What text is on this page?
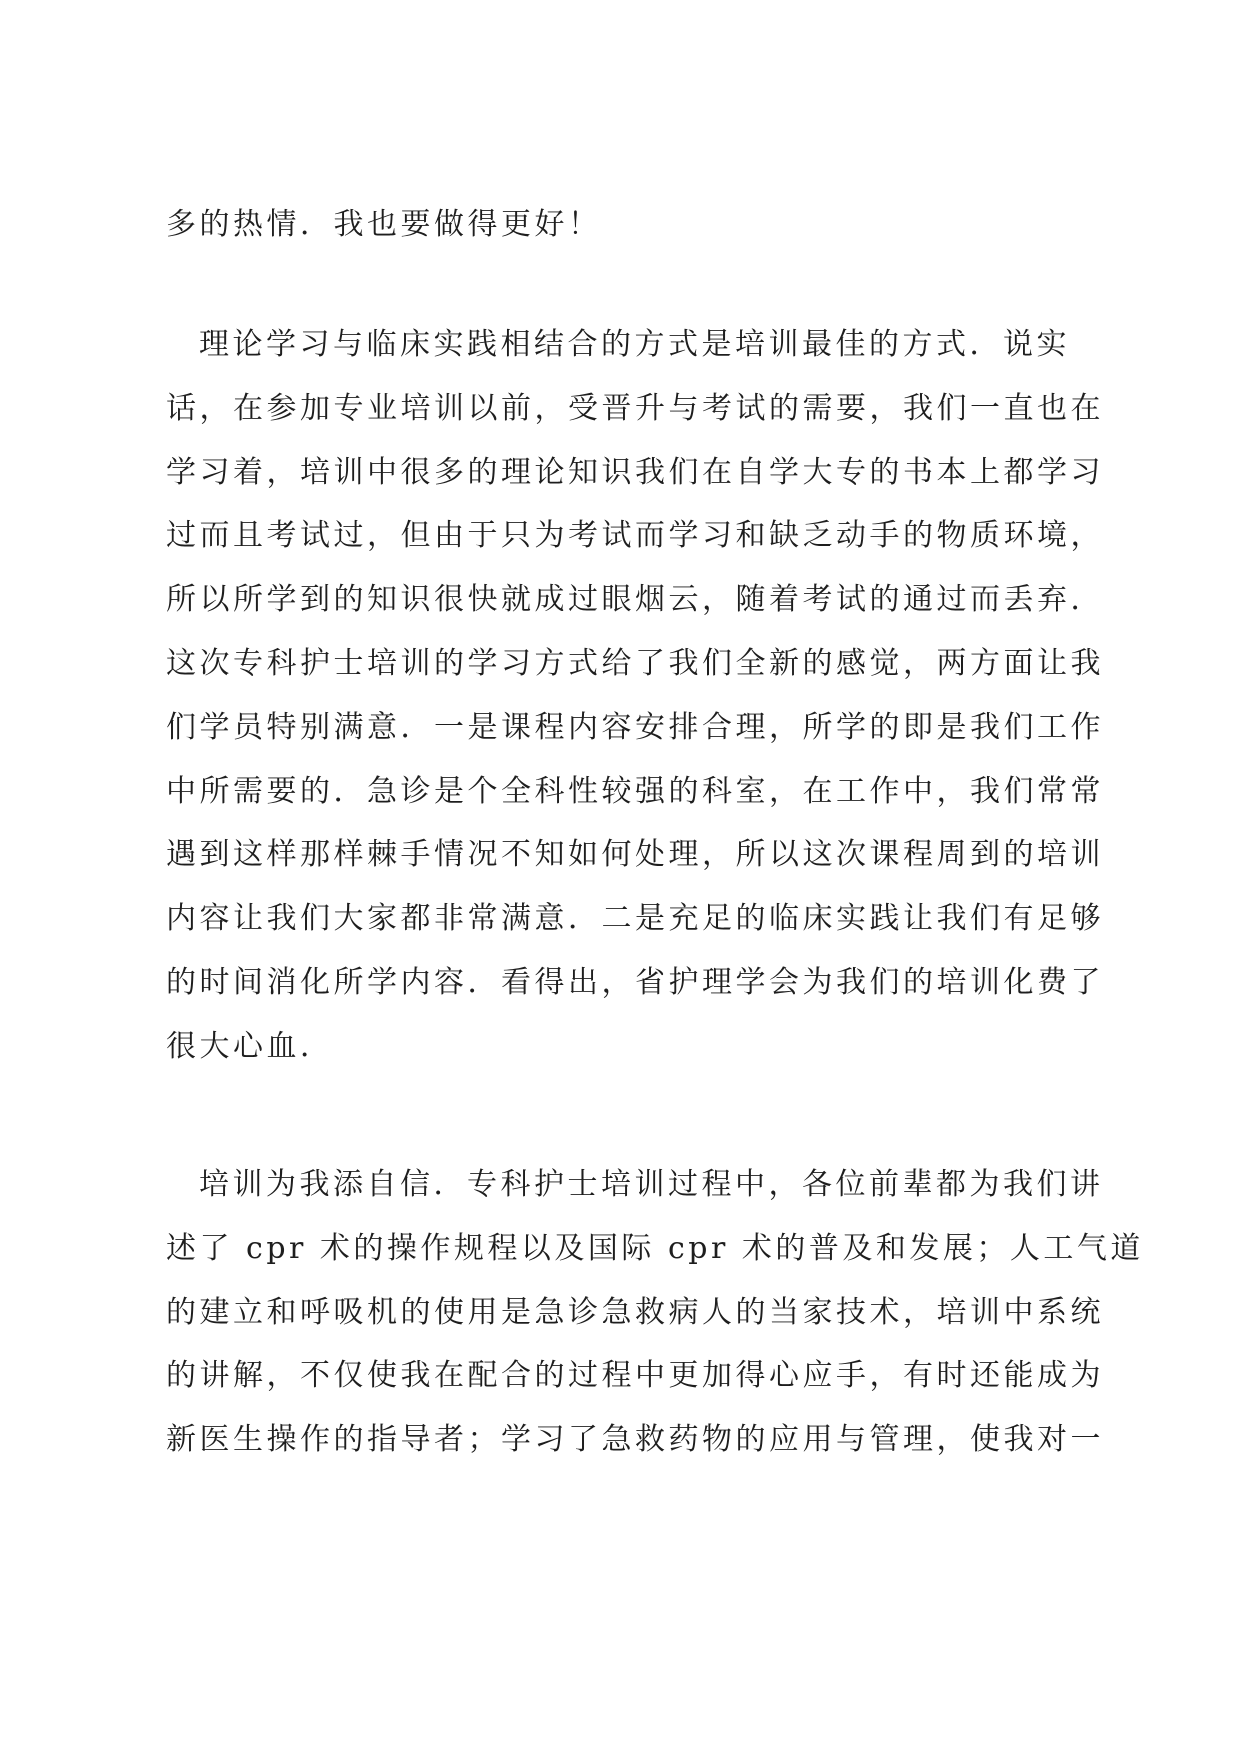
多的热情．我也要做得更好！
理论学习与临床实践相结合的方式是培训最佳的方式．说实
话，在参加专业培训以前，受晋升与考试的需要，我们一直也在
学习着，培训中很多的理论知识我们在自学大专的书本上都学习
过而且考试过，但由于只为考试而学习和缺乏动手的物质环境，
所以所学到的知识很快就成过眼烟云，随着考试的通过而丢弃．
这次专科护士培训的学习方式给了我们全新的感觉，两方面让我
们学员特别满意．一是课程内容安排合理，所学的即是我们工作
中所需要的．急诊是个全科性较强的科室，在工作中，我们常常
遇到这样那样棘手情况不知如何处理，所以这次课程周到的培训
内容让我们大家都非常满意．二是充足的临床实践让我们有足够
的时间消化所学内容．看得出，省护理学会为我们的培训化费了
很大心血．
培训为我添自信．专科护士培训过程中，各位前辈都为我们讲
述了 cpr 术的操作规程以及国际 cpr 术的普及和发展；人工气道
的建立和呼吸机的使用是急诊急救病人的当家技术，培训中系统
的讲解，不仅使我在配合的过程中更加得心应手，有时还能成为
新医生操作的指导者；学习了急救药物的应用与管理，使我对一
